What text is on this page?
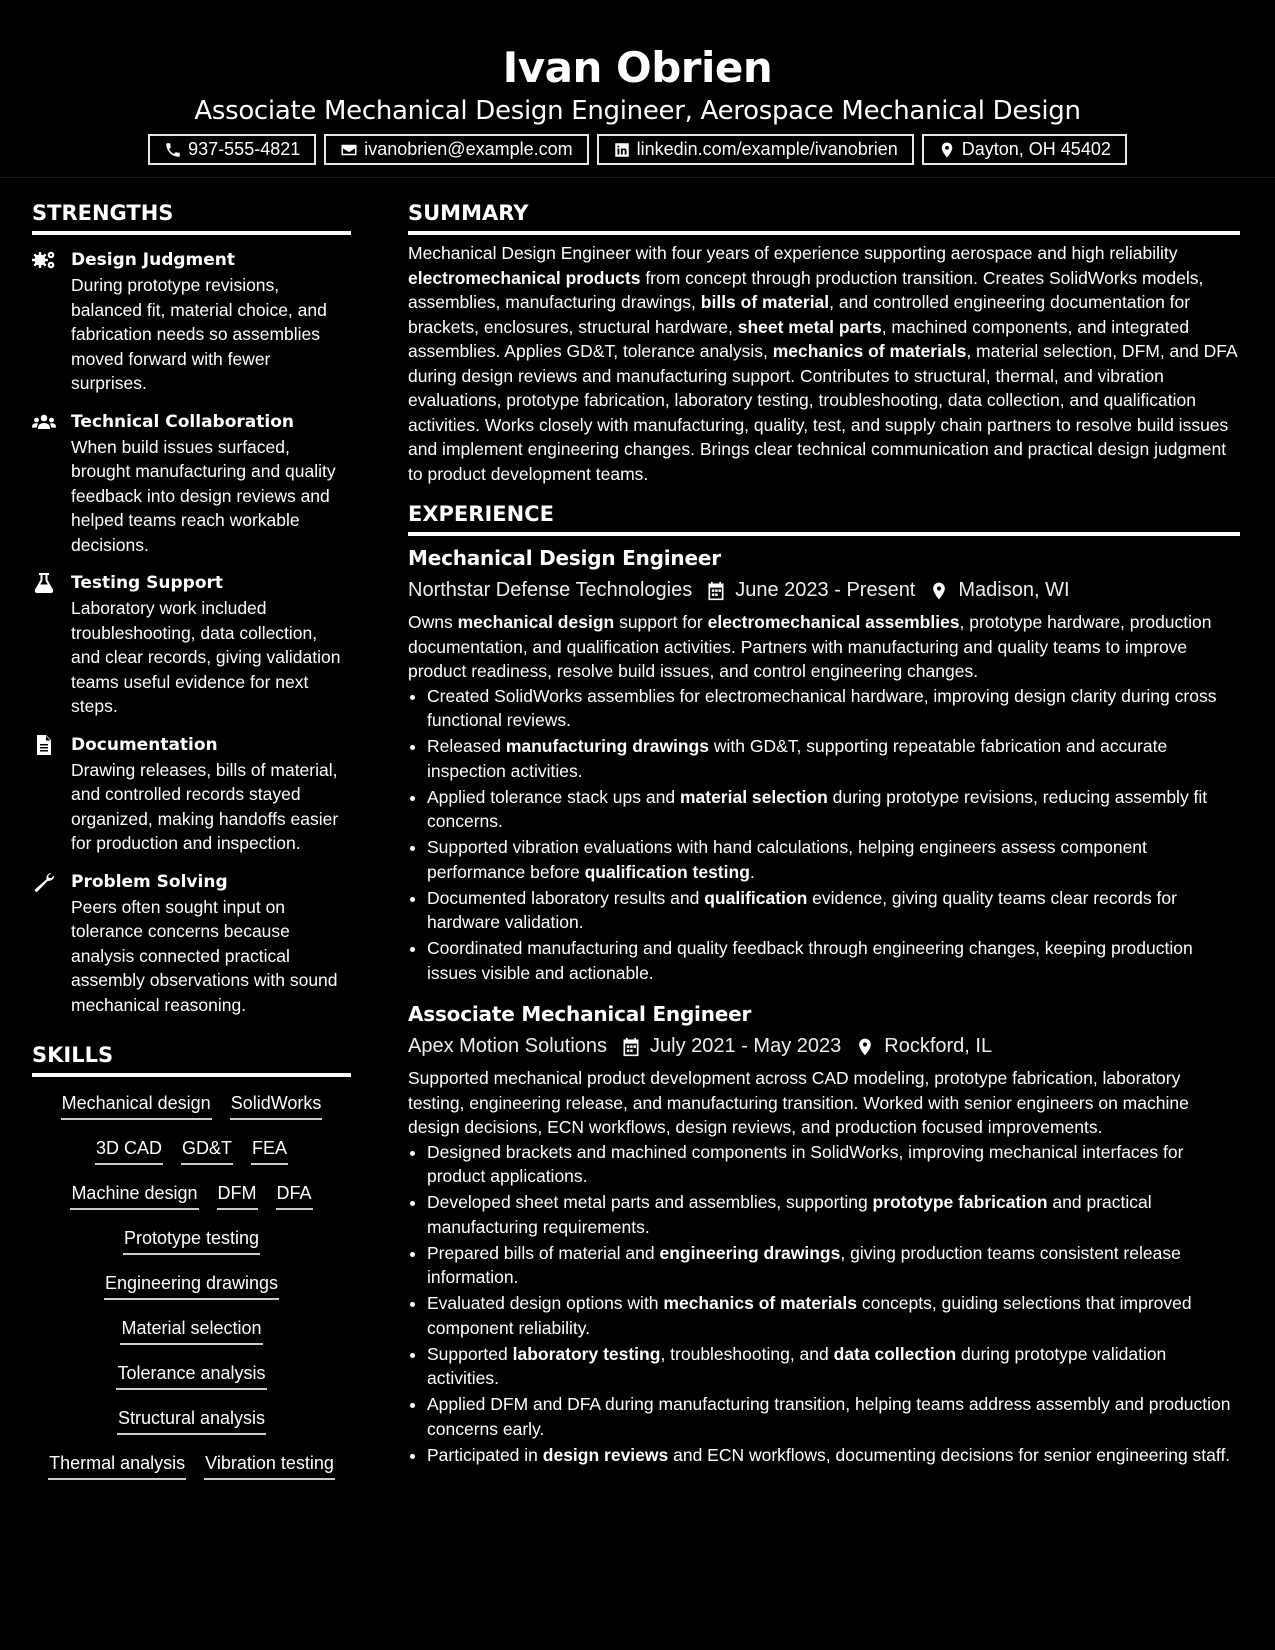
Ivan Obrien
Associate Mechanical Design Engineer, Aerospace Mechanical Design
937-555-4821	ivanobrien@example.com	linkedin.com/example/ivanobrien	Dayton, OH 45402
STRENGTHS
Design Judgment
During prototype revisions, balanced fit, material choice, and fabrication needs so assemblies moved forward with fewer surprises.
Technical Collaboration
When build issues surfaced, brought manufacturing and quality feedback into design reviews and helped teams reach workable decisions.
Testing Support
Laboratory work included troubleshooting, data collection, and clear records, giving validation teams useful evidence for next steps.
Documentation
Drawing releases, bills of material, and controlled records stayed organized, making handoffs easier for production and inspection.
Problem Solving
Peers often sought input on tolerance concerns because analysis connected practical assembly observations with sound mechanical reasoning.
SKILLS
Mechanical design SolidWorks
3D CAD GD&T FEA
Machine design DFM DFA
Prototype testing
Engineering drawings
Material selection
Tolerance analysis
Structural analysis
Thermal analysis Vibration testing
SUMMARY
Mechanical Design Engineer with four years of experience supporting aerospace and high reliability electromechanical products from concept through production transition. Creates SolidWorks models, assemblies, manufacturing drawings, bills of material, and controlled engineering documentation for brackets, enclosures, structural hardware, sheet metal parts, machined components, and integrated assemblies. Applies GD&T, tolerance analysis, mechanics of materials, material selection, DFM, and DFA during design reviews and manufacturing support. Contributes to structural, thermal, and vibration evaluations, prototype fabrication, laboratory testing, troubleshooting, data collection, and qualification activities. Works closely with manufacturing, quality, test, and supply chain partners to resolve build issues and implement engineering changes. Brings clear technical communication and practical design judgment to product development teams.
EXPERIENCE
Mechanical Design Engineer
Northstar Defense Technologies June 2023 - Present Madison, WI
Owns mechanical design support for electromechanical assemblies, prototype hardware, production documentation, and qualification activities. Partners with manufacturing and quality teams to improve product readiness, resolve build issues, and control engineering changes.
• Created SolidWorks assemblies for electromechanical hardware, improving design clarity during cross functional reviews.
• Released manufacturing drawings with GD&T, supporting repeatable fabrication and accurate inspection activities.
• Applied tolerance stack ups and material selection during prototype revisions, reducing assembly fit concerns.
• Supported vibration evaluations with hand calculations, helping engineers assess component performance before qualification testing.
• Documented laboratory results and qualification evidence, giving quality teams clear records for hardware validation.
• Coordinated manufacturing and quality feedback through engineering changes, keeping production issues visible and actionable.
Associate Mechanical Engineer
Apex Motion Solutions July 2021 - May 2023 Rockford, IL
Supported mechanical product development across CAD modeling, prototype fabrication, laboratory testing, engineering release, and manufacturing transition. Worked with senior engineers on machine design decisions, ECN workflows, design reviews, and production focused improvements.
• Designed brackets and machined components in SolidWorks, improving mechanical interfaces for product applications.
• Developed sheet metal parts and assemblies, supporting prototype fabrication and practical manufacturing requirements.
• Prepared bills of material and engineering drawings, giving production teams consistent release information.
• Evaluated design options with mechanics of materials concepts, guiding selections that improved component reliability.
• Supported laboratory testing, troubleshooting, and data collection during prototype validation activities.
• Applied DFM and DFA during manufacturing transition, helping teams address assembly and production concerns early.
• Participated in design reviews and ECN workflows, documenting decisions for senior engineering staff.
